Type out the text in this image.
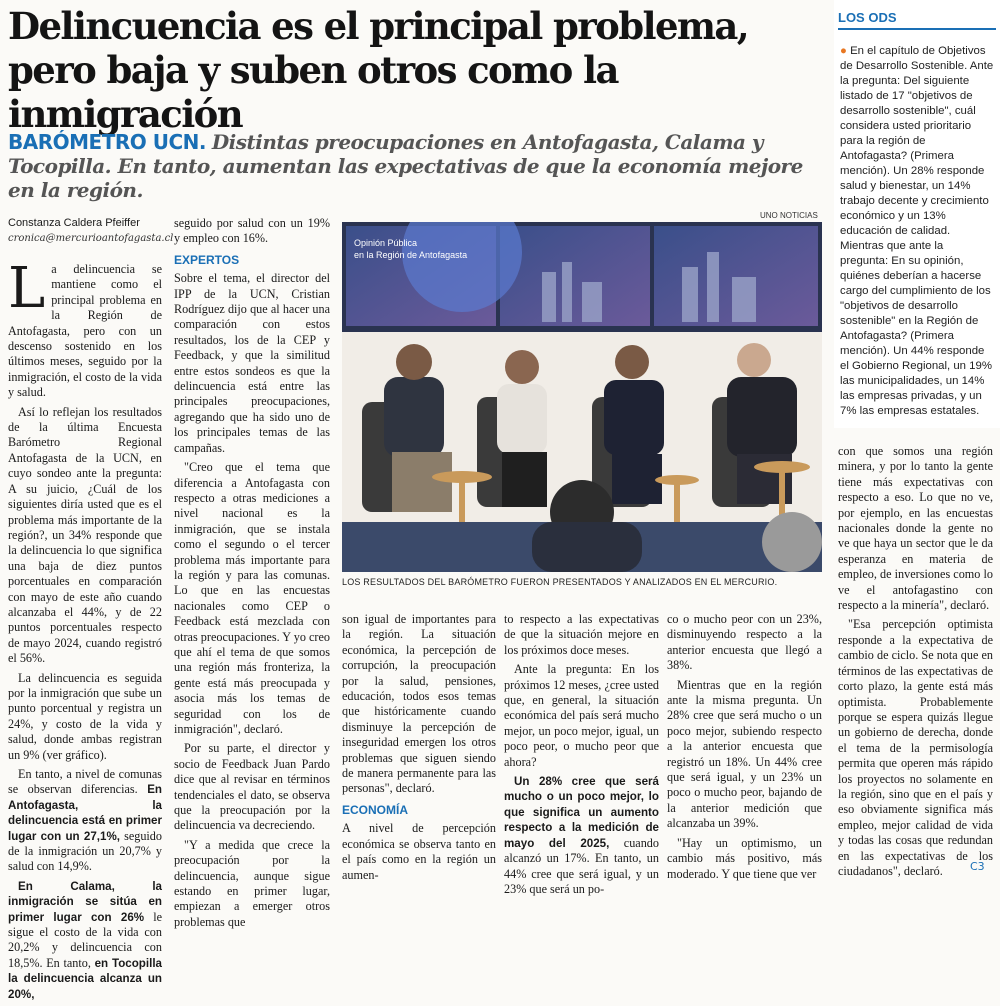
Delincuencia es el principal problema, pero baja y suben otros como la inmigración

BARÓMETRO UCN. Distintas preocupaciones en Antofagasta, Calama y Tocopilla. En tanto, aumentan las expectativas de que la economía mejore en la región.

Constanza Caldera Pfeiffer
cronica@mercurioantofagasta.cl

La delincuencia se mantiene como el principal problema en la Región de Antofagasta, pero con un descenso sostenido en los últimos meses, seguido por la inmigración, el costo de la vida y salud.

Así lo reflejan los resultados de la última Encuesta Barómetro Regional Antofagasta de la UCN, en cuyo sondeo ante la pregunta: A su juicio, ¿Cuál de los siguientes diría usted que es el problema más importante de la región?, un 34% responde que la delincuencia lo que significa una baja de diez puntos porcentuales en comparación con mayo de este año cuando alcanzaba el 44%, y de 22 puntos porcentuales respecto de mayo 2024, cuando registró el 56%.

La delincuencia es seguida por la inmigración que sube un punto porcentual y registra un 24%, y costo de la vida y salud, donde ambas registran un 9% (ver gráfico).

En tanto, a nivel de comunas se observan diferencias. En Antofagasta, la delincuencia está en primer lugar con un 27,1%, seguido de la inmigración un 20,7% y salud con 14,9%.

En Calama, la inmigración se sitúa en primer lugar con 26% le sigue el costo de la vida con 20,2% y delincuencia con 18,5%. En tanto, en Tocopilla la delincuencia alcanza un 20%,

seguido por salud con un 19% y empleo con 16%.

EXPERTOS

Sobre el tema, el director del IPP de la UCN, Cristian Rodríguez dijo que al hacer una comparación con estos resultados, los de la CEP y Feedback, y que la similitud entre estos sondeos es que la delincuencia está entre las principales preocupaciones, agregando que ha sido uno de los principales temas de las campañas.

"Creo que el tema que diferencia a Antofagasta con respecto a otras mediciones a nivel nacional es la inmigración, que se instala como el segundo o el tercer problema más importante para la región y para las comunas. Lo que en las encuestas nacionales como CEP o Feedback está mezclada con otras preocupaciones. Y yo creo que ahí el tema de que somos una región más fronteriza, la gente está más preocupada y asocia más los temas de seguridad con los de inmigración", declaró.

Por su parte, el director y socio de Feedback Juan Pardo dice que al revisar en términos tendenciales el dato, se observa que la preocupación por la delincuencia va decreciendo.

"Y a medida que crece la preocupación por la delincuencia, aunque sigue estando en primer lugar, empiezan a emerger otros problemas que

UNO NOTICIAS
Opinión Pública
en la Región de Antofagasta
LOS RESULTADOS DEL BARÓMETRO FUERON PRESENTADOS Y ANALIZADOS EN EL MERCURIO.

son igual de importantes para la región. La situación económica, la percepción de corrupción, la preocupación por la salud, pensiones, educación, todos esos temas que históricamente cuando disminuye la percepción de inseguridad emergen los otros problemas que siguen siendo de manera permanente para las personas", declaró.

ECONOMÍA

A nivel de percepción económica se observa tanto en el país como en la región un aumen-

to respecto a las expectativas de que la situación mejore en los próximos doce meses.

Ante la pregunta: En los próximos 12 meses, ¿cree usted que, en general, la situación económica del país será mucho mejor, un poco mejor, igual, un poco peor, o mucho peor que ahora?

Un 28% cree que será mucho o un poco mejor, lo que significa un aumento respecto a la medición de mayo del 2025, cuando alcanzó un 17%. En tanto, un 44% cree que será igual, y un 23% que será un po-

co o mucho peor con un 23%, disminuyendo respecto a la anterior encuesta que llegó a 38%.

Mientras que en la región ante la misma pregunta. Un 28% cree que será mucho o un poco mejor, subiendo respecto a la anterior encuesta que registró un 18%. Un 44% cree que será igual, y un 23% un poco o mucho peor, bajando de la anterior medición que alcanzaba un 39%.

"Hay un optimismo, un cambio más positivo, más moderado. Y que tiene que ver

con que somos una región minera, y por lo tanto la gente tiene más expectativas con respecto a eso. Lo que no ve, por ejemplo, en las encuestas nacionales donde la gente no ve que haya un sector que le da esperanza en materia de empleo, de inversiones como lo ve el antofagastino con respecto a la minería", declaró.

"Esa percepción optimista responde a la expectativa de cambio de ciclo. Se nota que en términos de las expectativas de corto plazo, la gente está más optimista. Probablemente porque se espera quizás llegue un gobierno de derecha, donde el tema de la permisología permita que operen más rápido los proyectos no solamente en la región, sino que en el país y eso obviamente significa más empleo, mejor calidad de vida y todas las cosas que redundan en las expectativas de los ciudadanos", declaró.	C3
LOS ODS
● En el capítulo de Objetivos de Desarrollo Sostenible. Ante la pregunta: Del siguiente listado de 17 "objetivos de desarrollo sostenible", cuál considera usted prioritario para la región de Antofagasta? (Primera mención). Un 28% responde salud y bienestar, un 14% trabajo decente y crecimiento económico y un 13% educación de calidad. Mientras que ante la pregunta: En su opinión, quiénes deberían a hacerse cargo del cumplimiento de los "objetivos de desarrollo sostenible" en la Región de Antofagasta? (Primera mención). Un 44% responde el Gobierno Regional, un 19% las municipalidades, un 14% las empresas privadas, y un 7% las empresas estatales.
